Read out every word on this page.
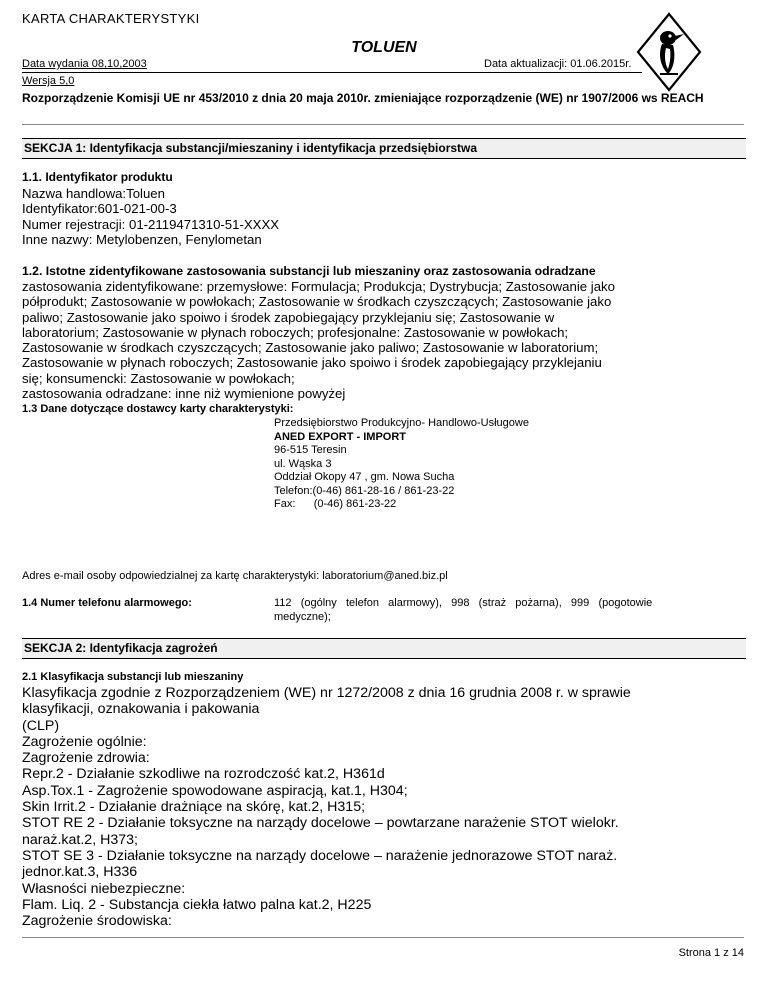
KARTA CHARAKTERYSTYKI
TOLUEN
Data wydania 08,10,2003	Data aktualizacji: 01.06.2015r.
Wersja 5,0
Rozporządzenie Komisji UE nr 453/2010 z dnia 20 maja 2010r. zmieniające rozporządzenie (WE) nr 1907/2006 ws REACH
SEKCJA 1: Identyfikacja substancji/mieszaniny i identyfikacja przedsiębiorstwa
1.1. Identyfikator produktu
Nazwa handlowa:Toluen
Identyfikator:601-021-00-3
Numer rejestracji: 01-2119471310-51-XXXX
Inne nazwy: Metylobenzen, Fenylometan
1.2. Istotne zidentyfikowane zastosowania substancji lub mieszaniny oraz zastosowania odradzane
zastosowania zidentyfikowane: przemysłowe: Formulacja; Produkcja; Dystrybucja; Zastosowanie jako
półprodukt; Zastosowanie w powłokach; Zastosowanie w środkach czyszczących; Zastosowanie jako
paliwo; Zastosowanie jako spoiwo i środek zapobiegający przyklejaniu się; Zastosowanie w
laboratorium; Zastosowanie w płynach roboczych; profesjonalne: Zastosowanie w powłokach;
Zastosowanie w środkach czyszczących; Zastosowanie jako paliwo; Zastosowanie w laboratorium;
Zastosowanie w płynach roboczych; Zastosowanie jako spoiwo i środek zapobiegający przyklejaniu
się; konsumencki: Zastosowanie w powłokach;
zastosowania odradzane: inne niż wymienione powyżej
1.3 Dane dotyczące dostawcy karty charakterystyki:
Przedsiębiorstwo Produkcyjno- Handlowo-Usługowe
ANED EXPORT - IMPORT
96-515 Teresin
ul. Wąska 3
Oddział Okopy 47 , gm. Nowa Sucha
Telefon:(0-46) 861-28-16 / 861-23-22
Fax:      (0-46) 861-23-22
Adres e-mail osoby odpowiedzialnej za kartę charakterystyki: laboratorium@aned.biz.pl
1.4 Numer telefonu alarmowego:	112   (ogólny   telefon   alarmowy),   998   (straż   pożarna),   999   (pogotowie
medyczne);
SEKCJA 2: Identyfikacja zagrożeń
2.1 Klasyfikacja substancji lub mieszaniny
Klasyfikacja zgodnie z Rozporządzeniem (WE) nr 1272/2008 z dnia 16 grudnia 2008 r. w sprawie
klasyfikacji, oznakowania i pakowania
(CLP)
Zagrożenie ogólnie:
Zagrożenie zdrowia:
Repr.2 - Działanie szkodliwe na rozrodczość kat.2, H361d
Asp.Tox.1 - Zagrożenie spowodowane aspiracją, kat.1, H304;
Skin Irrit.2 - Działanie drażniące na skórę, kat.2, H315;
STOT RE 2 - Działanie toksyczne na narządy docelowe – powtarzane narażenie STOT wielokr.
naraż.kat.2, H373;
STOT SE 3 - Działanie toksyczne na narządy docelowe – narażenie jednorazowe STOT naraż.
jednor.kat.3, H336
Własności niebezpieczne:
Flam. Liq. 2 - Substancja ciekła łatwo palna kat.2, H225
Zagrożenie środowiska:
Strona 1 z 14
